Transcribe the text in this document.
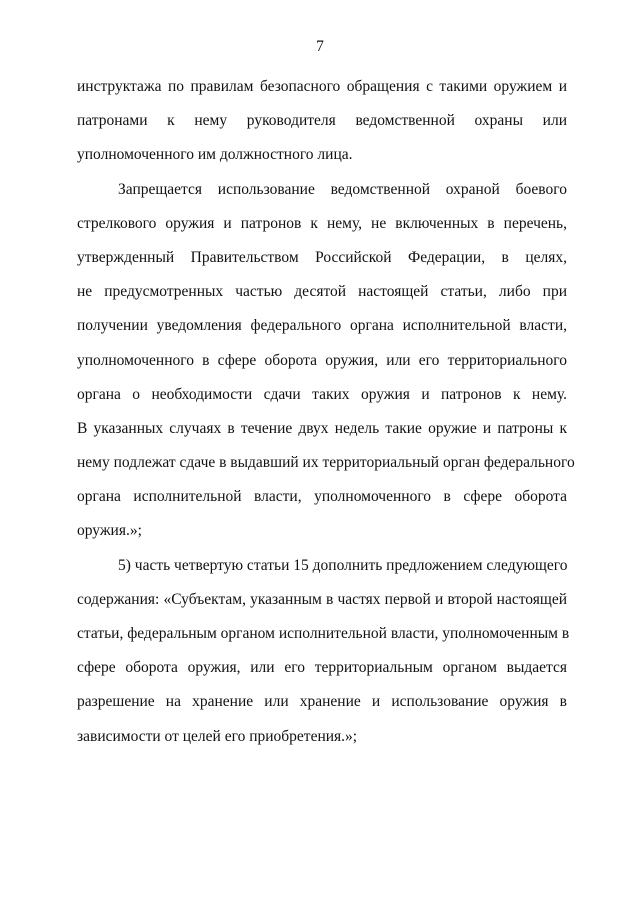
7
инструктажа по правилам безопасного обращения с такими оружием и
патронами к нему руководителя ведомственной охраны или
уполномоченного им должностного лица.
Запрещается использование ведомственной охраной боевого
стрелкового оружия и патронов к нему, не включенных в перечень,
утвержденный Правительством Российской Федерации, в целях,
не предусмотренных частью десятой настоящей статьи, либо при
получении уведомления федерального органа исполнительной власти,
уполномоченного в сфере оборота оружия, или его территориального
органа о необходимости сдачи таких оружия и патронов к нему.
В указанных случаях в течение двух недель такие оружие и патроны к
нему подлежат сдаче в выдавший их территориальный орган федерального
органа исполнительной власти, уполномоченного в сфере оборота
оружия.»;
5) часть четвертую статьи 15 дополнить предложением следующего
содержания: «Субъектам, указанным в частях первой и второй настоящей
статьи, федеральным органом исполнительной власти, уполномоченным в
сфере оборота оружия, или его территориальным органом выдается
разрешение на хранение или хранение и использование оружия в
зависимости от целей его приобретения.»;
